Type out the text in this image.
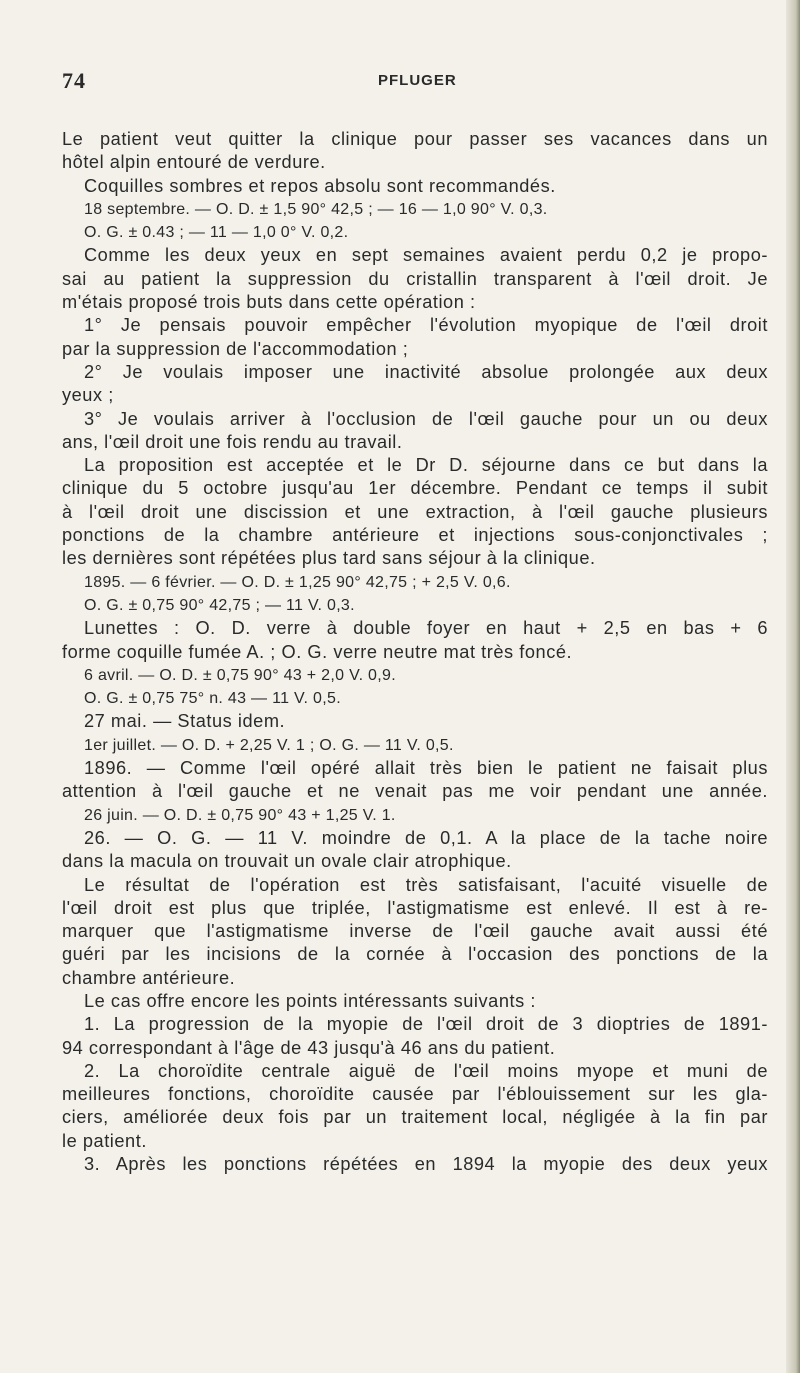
74	PFLUGER
Le patient veut quitter la clinique pour passer ses vacances dans un
hôtel alpin entouré de verdure.
Coquilles sombres et repos absolu sont recommandés.
18 septembre. — O. D. ± 1,5 90° 42,5 ; — 16 — 1,0 90° V. 0,3.
O. G. ± 0.43 ; — 11 — 1,0 0° V. 0,2.
Comme les deux yeux en sept semaines avaient perdu 0,2 je propo-
sai au patient la suppression du cristallin transparent à l'œil droit. Je
m'étais proposé trois buts dans cette opération :
1° Je pensais pouvoir empêcher l'évolution myopique de l'œil droit
par la suppression de l'accommodation ;
2° Je voulais imposer une inactivité absolue prolongée aux deux
yeux ;
3° Je voulais arriver à l'occlusion de l'œil gauche pour un ou deux
ans, l'œil droit une fois rendu au travail.
La proposition est acceptée et le Dr D. séjourne dans ce but dans la
clinique du 5 octobre jusqu'au 1er décembre. Pendant ce temps il subit
à l'œil droit une discission et une extraction, à l'œil gauche plusieurs
ponctions de la chambre antérieure et injections sous-conjonctivales ;
les dernières sont répétées plus tard sans séjour à la clinique.
1895. — 6 février. — O. D. ± 1,25 90° 42,75 ; + 2,5 V. 0,6.
O. G. ± 0,75 90° 42,75 ; — 11 V. 0,3.
Lunettes : O. D. verre à double foyer en haut + 2,5 en bas + 6
forme coquille fumée A. ; O. G. verre neutre mat très foncé.
6 avril. — O. D. ± 0,75 90° 43 + 2,0 V. 0,9.
O. G. ± 0,75 75° n. 43 — 11 V. 0,5.
27 mai. — Status idem.
1er juillet. — O. D. + 2,25 V. 1 ; O. G. — 11 V. 0,5.
1896. — Comme l'œil opéré allait très bien le patient ne faisait plus
attention à l'œil gauche et ne venait pas me voir pendant une année.
26 juin. — O. D. ± 0,75 90° 43 + 1,25 V. 1.
26. — O. G. — 11 V. moindre de 0,1. A la place de la tache noire
dans la macula on trouvait un ovale clair atrophique.
Le résultat de l'opération est très satisfaisant, l'acuité visuelle de
l'œil droit est plus que triplée, l'astigmatisme est enlevé. Il est à re-
marquer que l'astigmatisme inverse de l'œil gauche avait aussi été
guéri par les incisions de la cornée à l'occasion des ponctions de la
chambre antérieure.
Le cas offre encore les points intéressants suivants :
1. La progression de la myopie de l'œil droit de 3 dioptries de 1891-
94 correspondant à l'âge de 43 jusqu'à 46 ans du patient.
2. La choroïdite centrale aiguë de l'œil moins myope et muni de
meilleures fonctions, choroïdite causée par l'éblouissement sur les gla-
ciers, améliorée deux fois par un traitement local, négligée à la fin par
le patient.
3. Après les ponctions répétées en 1894 la myopie des deux yeux
